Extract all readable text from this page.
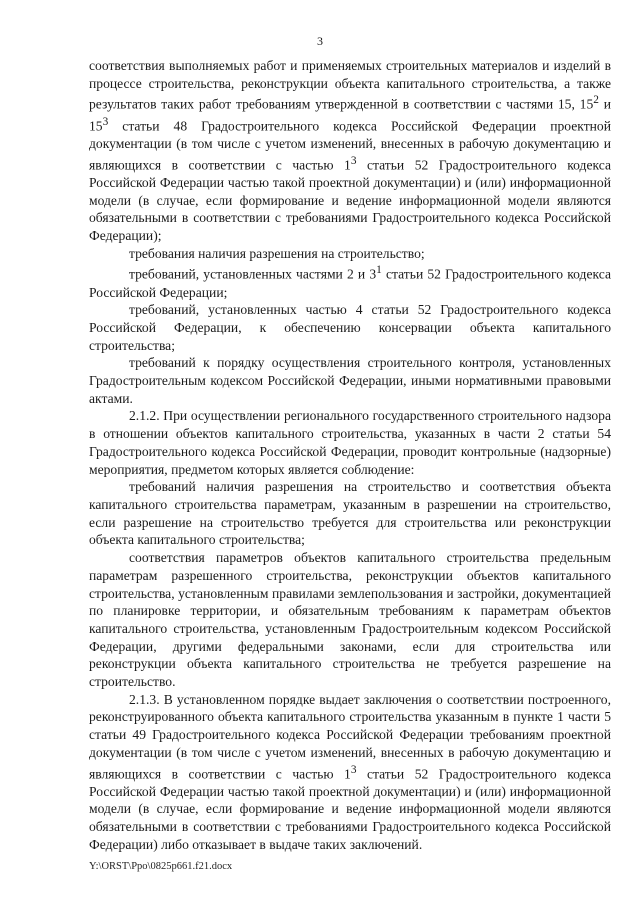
3

соответствия выполняемых работ и применяемых строительных материалов и изделий в процессе строительства, реконструкции объекта капитального строительства, а также результатов таких работ требованиям утвержденной в соответствии с частями 15, $15^2$ и $15^3$ статьи 48 Градостроительного кодекса Российской Федерации проектной документации (в том числе с учетом изменений, внесенных в рабочую документацию и являющихся в соответствии с частью $1^3$ статьи 52 Градостроительного кодекса Российской Федерации частью такой проектной документации) и (или) информационной модели (в случае, если формирование и ведение информационной модели являются обязательными в соответствии с требованиями Градостроительного кодекса Российской Федерации);

требования наличия разрешения на строительство;

требований, установленных частями 2 и $3^1$ статьи 52 Градостроительного кодекса Российской Федерации;

требований, установленных частью 4 статьи 52 Градостроительного кодекса Российской Федерации, к обеспечению консервации объекта капитального строительства;

требований к порядку осуществления строительного контроля, установленных Градостроительным кодексом Российской Федерации, иными нормативными правовыми актами.

2.1.2. При осуществлении регионального государственного строительного надзора в отношении объектов капитального строительства, указанных в части 2 статьи 54 Градостроительного кодекса Российской Федерации, проводит контрольные (надзорные) мероприятия, предметом которых является соблюдение:

требований наличия разрешения на строительство и соответствия объекта капитального строительства параметрам, указанным в разрешении на строительство, если разрешение на строительство требуется для строительства или реконструкции объекта капитального строительства;

соответствия параметров объектов капитального строительства предельным параметрам разрешенного строительства, реконструкции объектов капитального строительства, установленным правилами землепользования и застройки, документацией по планировке территории, и обязательным требованиям к параметрам объектов капитального строительства, установленным Градостроительным кодексом Российской Федерации, другими федеральными законами, если для строительства или реконструкции объекта капитального строительства не требуется разрешение на строительство.

2.1.3. В установленном порядке выдает заключения о соответствии построенного, реконструированного объекта капитального строительства указанным в пункте 1 части 5 статьи 49 Градостроительного кодекса Российской Федерации требованиям проектной документации (в том числе с учетом изменений, внесенных в рабочую документацию и являющихся в соответствии с частью $1^3$ статьи 52 Градостроительного кодекса Российской Федерации частью такой проектной документации) и (или) информационной модели (в случае, если формирование и ведение информационной модели являются обязательными в соответствии с требованиями Градостроительного кодекса Российской Федерации) либо отказывает в выдаче таких заключений.

Y:\ORST\Ppo\0825p661.f21.docx
